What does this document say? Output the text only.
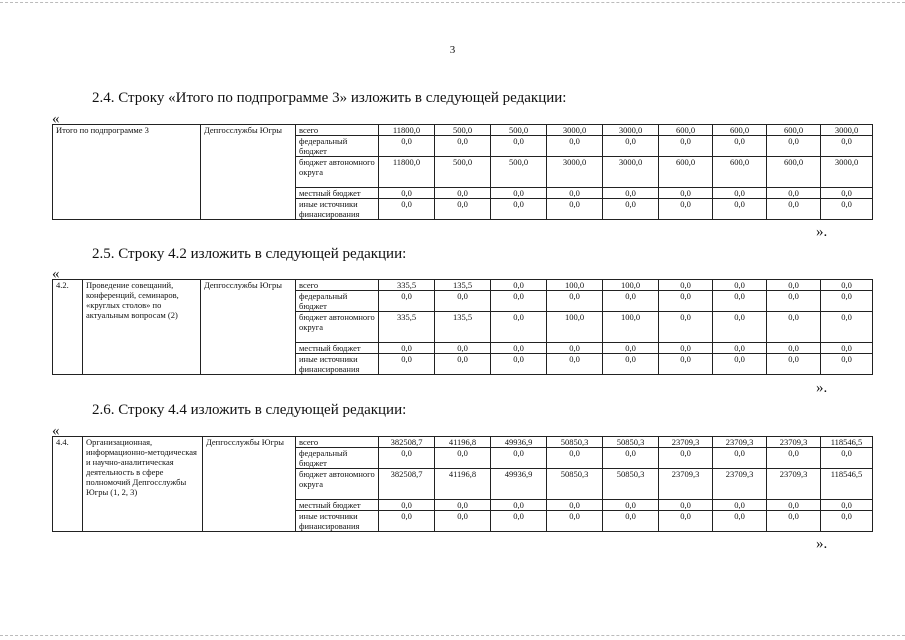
3
2.4. Строку «Итого по подпрограмме 3» изложить в следующей редакции:
«
Итого по подпрограмме 3	Депгосслужбы Югры	всего	11800,0	500,0	500,0	3000,0	3000,0	600,0	600,0	600,0	3000,0
		федеральный бюджет	0,0	0,0	0,0	0,0	0,0	0,0	0,0	0,0	0,0
		бюджет автономного округа	11800,0	500,0	500,0	3000,0	3000,0	600,0	600,0	600,0	3000,0
		местный бюджет	0,0	0,0	0,0	0,0	0,0	0,0	0,0	0,0	0,0
		иные источники финансирования	0,0	0,0	0,0	0,0	0,0	0,0	0,0	0,0	0,0
».
2.5. Строку 4.2 изложить в следующей редакции:
«
4.2.	Проведение совещаний, конференций, семинаров, «круглых столов» по актуальным вопросам (2)	Депгосслужбы Югры	всего	335,5	135,5	0,0	100,0	100,0	0,0	0,0	0,0	0,0
			федеральный бюджет	0,0	0,0	0,0	0,0	0,0	0,0	0,0	0,0	0,0
			бюджет автономного округа	335,5	135,5	0,0	100,0	100,0	0,0	0,0	0,0	0,0
			местный бюджет	0,0	0,0	0,0	0,0	0,0	0,0	0,0	0,0	0,0
			иные источники финансирования	0,0	0,0	0,0	0,0	0,0	0,0	0,0	0,0	0,0
».
2.6. Строку 4.4 изложить в следующей редакции:
«
4.4.	Организационная, информационно-методическая и научно-аналитическая деятельность в сфере полномочий Депгосслужбы Югры (1, 2, 3)	Депгосслужбы Югры	всего	382508,7	41196,8	49936,9	50850,3	50850,3	23709,3	23709,3	23709,3	118546,5
			федеральный бюджет	0,0	0,0	0,0	0,0	0,0	0,0	0,0	0,0	0,0
			бюджет автономного округа	382508,7	41196,8	49936,9	50850,3	50850,3	23709,3	23709,3	23709,3	118546,5
			местный бюджет	0,0	0,0	0,0	0,0	0,0	0,0	0,0	0,0	0,0
			иные источники финансирования	0,0	0,0	0,0	0,0	0,0	0,0	0,0	0,0	0,0
».
